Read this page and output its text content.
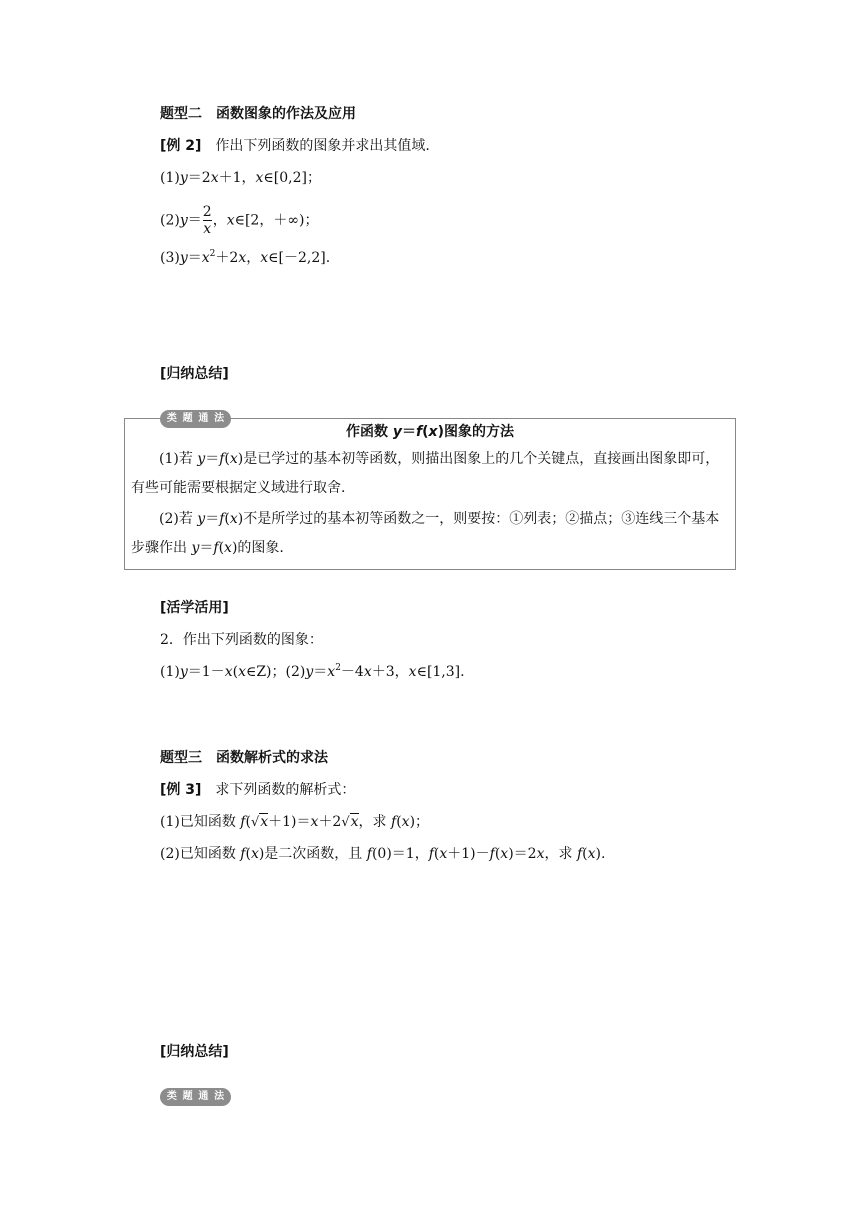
题型二　函数图象的作法及应用
[例 2] 作出下列函数的图象并求出其值域.
(1)y＝2x＋1，x∈[0,2]；
$(2)y= \frac{2}{x}$ ，x∈[2，＋∞)；
$(3)y=x^2+2x$，x∈[－2,2].
[归纳总结]
作函数 y＝f(x)图象的方法
(1)若 y＝f(x)是已学过的基本初等函数，则描出图象上的几个关键点，直接画出图象即可，有些可能需要根据定义域进行取舍.
(2)若 y＝f(x)不是所学过的基本初等函数之一，则要按：①列表；②描点；③连线三个基本步骤作出 y＝f(x)的图象.
类 题 通 法
[活学活用]
2．作出下列函数的图象：
(1)y＝1－x(x∈Z)；$(2)y=x^2-4x+3$，x∈[1,3].
题型三　函数解析式的求法
[例 3] 求下列函数的解析式：
(1)已知函数 f(√x＋1)＝x＋2√x，求 f(x)；
(2)已知函数 f(x)是二次函数，且 f(0)＝1，f(x＋1)－f(x)＝2x，求 f(x).
[归纳总结]
类 题 通 法
